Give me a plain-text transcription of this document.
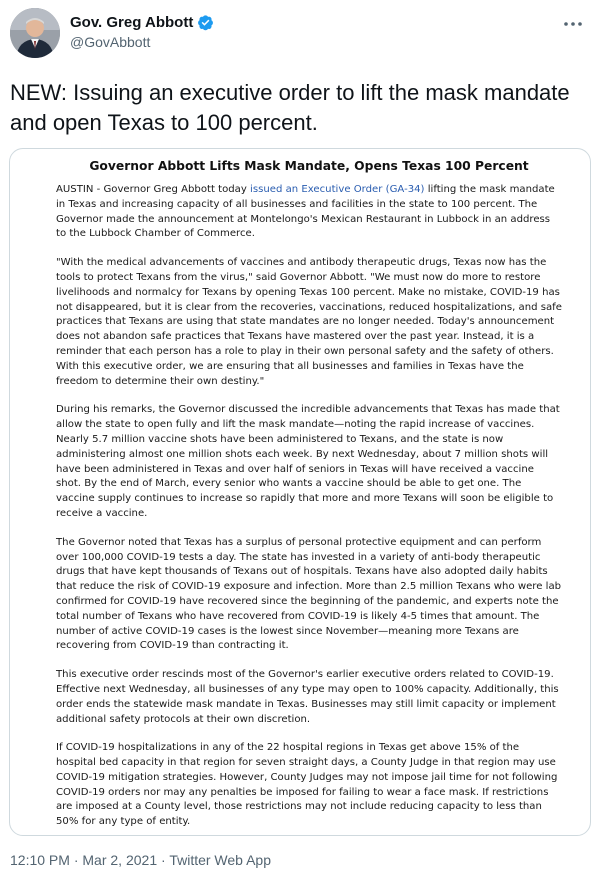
Gov. Greg Abbott
@GovAbbott

NEW: Issuing an executive order to lift the mask mandate and open Texas to 100 percent.

Governor Abbott Lifts Mask Mandate, Opens Texas 100 Percent

AUSTIN - Governor Greg Abbott today issued an Executive Order (GA-34) lifting the mask mandate in Texas and increasing capacity of all businesses and facilities in the state to 100 percent. The Governor made the announcement at Montelongo's Mexican Restaurant in Lubbock in an address to the Lubbock Chamber of Commerce.

"With the medical advancements of vaccines and antibody therapeutic drugs, Texas now has the tools to protect Texans from the virus," said Governor Abbott. "We must now do more to restore livelihoods and normalcy for Texans by opening Texas 100 percent. Make no mistake, COVID-19 has not disappeared, but it is clear from the recoveries, vaccinations, reduced hospitalizations, and safe practices that Texans are using that state mandates are no longer needed. Today's announcement does not abandon safe practices that Texans have mastered over the past year. Instead, it is a reminder that each person has a role to play in their own personal safety and the safety of others. With this executive order, we are ensuring that all businesses and families in Texas have the freedom to determine their own destiny."

During his remarks, the Governor discussed the incredible advancements that Texas has made that allow the state to open fully and lift the mask mandate—noting the rapid increase of vaccines. Nearly 5.7 million vaccine shots have been administered to Texans, and the state is now administering almost one million shots each week. By next Wednesday, about 7 million shots will have been administered in Texas and over half of seniors in Texas will have received a vaccine shot. By the end of March, every senior who wants a vaccine should be able to get one. The vaccine supply continues to increase so rapidly that more and more Texans will soon be eligible to receive a vaccine.

The Governor noted that Texas has a surplus of personal protective equipment and can perform over 100,000 COVID-19 tests a day. The state has invested in a variety of anti-body therapeutic drugs that have kept thousands of Texans out of hospitals. Texans have also adopted daily habits that reduce the risk of COVID-19 exposure and infection. More than 2.5 million Texans who were lab confirmed for COVID-19 have recovered since the beginning of the pandemic, and experts note the total number of Texans who have recovered from COVID-19 is likely 4-5 times that amount. The number of active COVID-19 cases is the lowest since November—meaning more Texans are recovering from COVID-19 than contracting it.

This executive order rescinds most of the Governor's earlier executive orders related to COVID-19. Effective next Wednesday, all businesses of any type may open to 100% capacity. Additionally, this order ends the statewide mask mandate in Texas. Businesses may still limit capacity or implement additional safety protocols at their own discretion.

If COVID-19 hospitalizations in any of the 22 hospital regions in Texas get above 15% of the hospital bed capacity in that region for seven straight days, a County Judge in that region may use COVID-19 mitigation strategies. However, County Judges may not impose jail time for not following COVID-19 orders nor may any penalties be imposed for failing to wear a face mask. If restrictions are imposed at a County level, those restrictions may not include reducing capacity to less than 50% for any type of entity.

12:10 PM · Mar 2, 2021 · Twitter Web App
